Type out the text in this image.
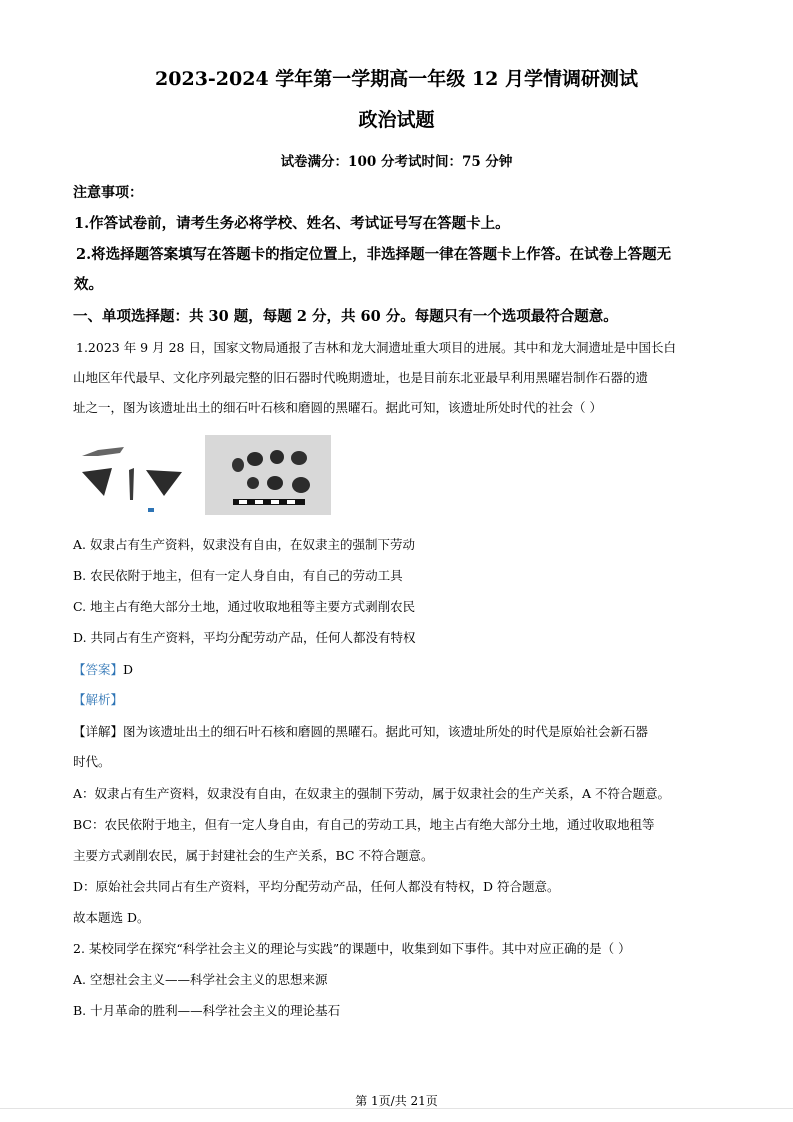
2023-2024 学年第一学期高一年级 12 月学情调研测试
政治试题
试卷满分：100 分考试时间：75 分钟
注意事项：
1.作答试卷前，请考生务必将学校、姓名、考试证号写在答题卡上。
2.将选择题答案填写在答题卡的指定位置上，非选择题一律在答题卡上作答。在试卷上答题无
效。
一、单项选择题：共 30 题，每题 2 分，共 60 分。每题只有一个选项最符合题意。
1.2023 年 9 月 28 日，国家文物局通报了吉林和龙大洞遗址重大项目的进展。其中和龙大洞遗址是中国长白
山地区年代最早、文化序列最完整的旧石器时代晚期遗址，也是目前东北亚最早利用黑曜岩制作石器的遗
址之一，图为该遗址出土的细石叶石核和磨圆的黑曜石。据此可知，该遗址所处时代的社会（ ）
A. 奴隶占有生产资料，奴隶没有自由，在奴隶主的强制下劳动
B. 农民依附于地主，但有一定人身自由，有自己的劳动工具
C. 地主占有绝大部分土地，通过收取地租等主要方式剥削农民
D. 共同占有生产资料，平均分配劳动产品，任何人都没有特权
【答案】D
【解析】
【详解】图为该遗址出土的细石叶石核和磨圆的黑曜石。据此可知，该遗址所处的时代是原始社会新石器
时代。
A：奴隶占有生产资料，奴隶没有自由，在奴隶主的强制下劳动，属于奴隶社会的生产关系，A 不符合题意。
BC：农民依附于地主，但有一定人身自由，有自己的劳动工具，地主占有绝大部分土地，通过收取地租等
主要方式剥削农民，属于封建社会的生产关系，BC 不符合题意。
D：原始社会共同占有生产资料，平均分配劳动产品，任何人都没有特权，D 符合题意。
故本题选 D。
2. 某校同学在探究“科学社会主义的理论与实践”的课题中，收集到如下事件。其中对应正确的是（ ）
A. 空想社会主义——科学社会主义的思想来源
B. 十月革命的胜利——科学社会主义的理论基石
第 1页/共 21页
